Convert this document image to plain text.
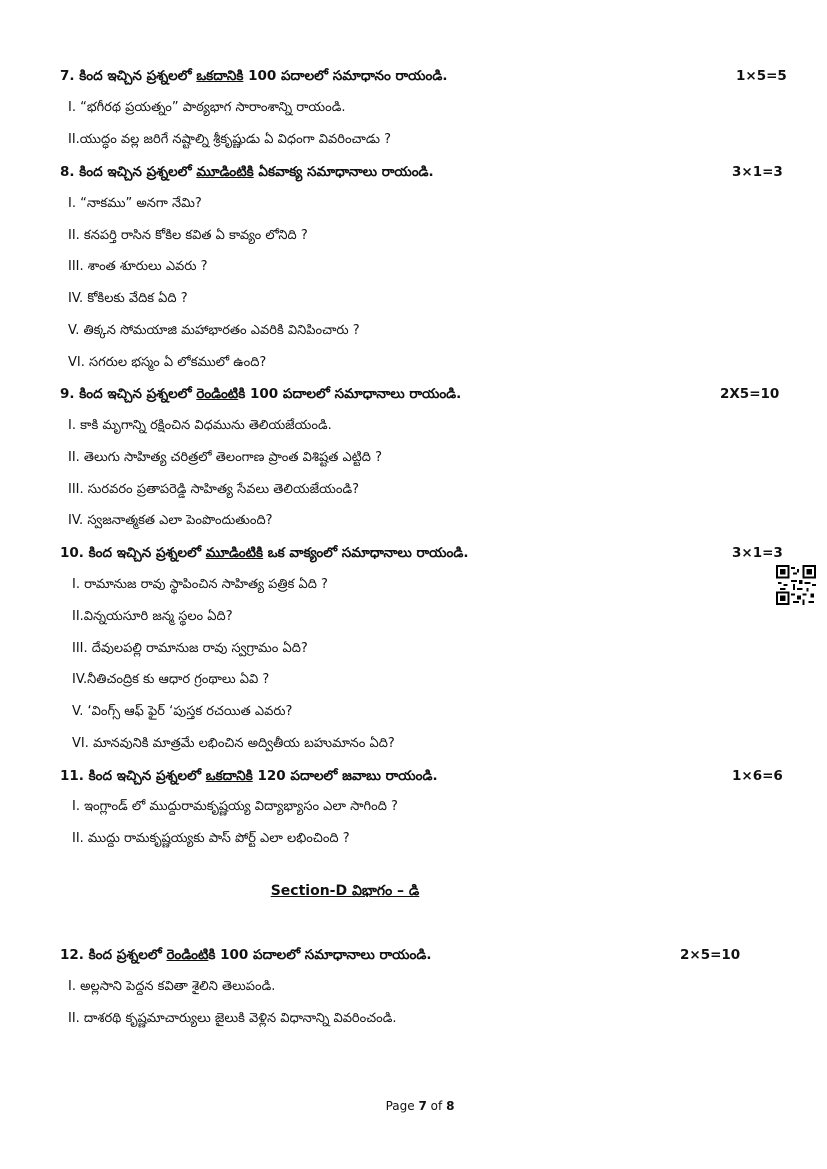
7. కింద ఇచ్చిన ప్రశ్నలలో ఒకదానికి 100 పదాలలో సమాధానం రాయండి.	1×5=5
I. “భగీరథ ప్రయత్నం” పాఠ్యభాగ సారాంశాన్ని రాయండి.
II.యుద్ధం వల్ల జరిగే నష్టాల్ని శ్రీకృష్ణుడు ఏ విధంగా వివరించాడు ?
8. కింద ఇచ్చిన ప్రశ్నలలో మూడింటికి ఏకవాక్య సమాధానాలు రాయండి.	3×1=3
I. “నాకము” అనగా నేమి?
II. కనపర్తి రాసిన కోకిల కవిత ఏ కావ్యం లోనిది ?
III. శాంత శూరులు ఎవరు ?
IV. కోకిలకు వేదిక ఏది ?
V. తిక్కన సోమయాజి మహాభారతం ఎవరికి వినిపించారు ?
VI. సగరుల భస్మం ఏ లోకములో ఉంది?
9. కింద ఇచ్చిన ప్రశ్నలలో రెండింటికి 100 పదాలలో సమాధానాలు రాయండి.	2X5=10
I. కాకి మృగాన్ని రక్షించిన విధమును తెలియజేయండి.
II. తెలుగు సాహిత్య చరిత్రలో తెలంగాణ ప్రాంత విశిష్టత ఎట్టిది ?
III. సురవరం ప్రతాపరెడ్డి సాహిత్య సేవలు తెలియజేయండి?
IV. స్వజనాత్మకత ఎలా పెంపొందుతుంది?
10. కింద ఇచ్చిన ప్రశ్నలలో మూడింటికి ఒక వాక్యంలో సమాధానాలు రాయండి.	3×1=3
I. రామానుజ రావు స్థాపించిన సాహిత్య పత్రిక ఏది ?
II.విన్నయసూరి జన్మ స్థలం ఏది?
III. దేవులపల్లి రామానుజ రావు స్వగ్రామం ఏది?
IV.నీతిచంద్రిక కు ఆధార గ్రంథాలు ఏవి ?
V. ‘వింగ్స్ ఆఫ్ ఫైర్ ‘పుస్తక రచయిత ఎవరు?
VI. మానవునికి మాత్రమే లభించిన అద్వితీయ బహుమానం ఏది?
11. కింద ఇచ్చిన ప్రశ్నలలో ఒకదానికి 120 పదాలలో జవాబు రాయండి.	1×6=6
I. ఇంగ్లాండ్ లో ముద్దురామకృష్ణయ్య విద్యాభ్యాసం ఎలా సాగింది ?
II. ముద్దు రామకృష్ణయ్యకు పాస్ పోర్ట్ ఎలా లభించింది ?
Section-D విభాగం – డి
12. కింద ప్రశ్నలలో రెండింటికి 100 పదాలలో సమాధానాలు రాయండి.	2×5=10
I. అల్లసాని పెద్దన కవితా శైలిని తెలుపండి.
II. దాశరథి కృష్ణమాచార్యులు జైలుకి వెళ్లిన విధానాన్ని వివరించండి.
Page 7 of 8
